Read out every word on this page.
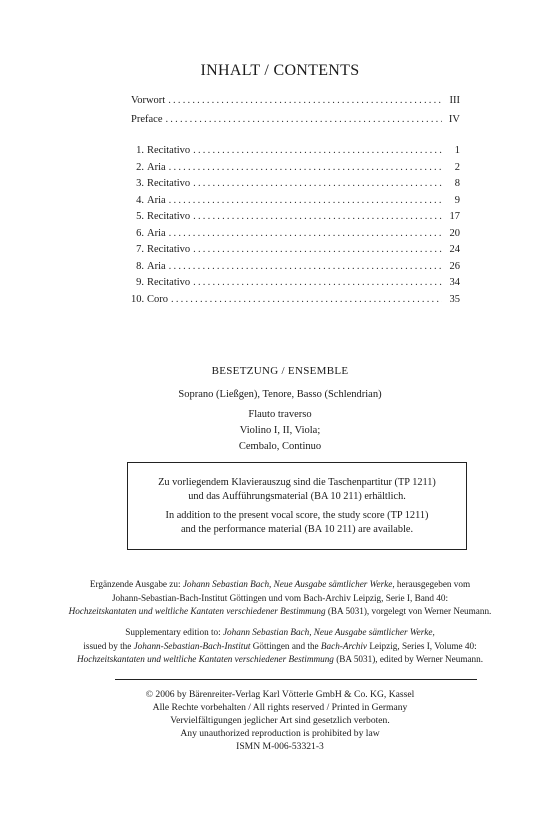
INHALT / CONTENTS
Vorwort .....	III
Preface .....	IV
1. Recitativo .....	1
2. Aria .....	2
3. Recitativo .....	8
4. Aria .....	9
5. Recitativo .....	17
6. Aria .....	20
7. Recitativo .....	24
8. Aria .....	26
9. Recitativo .....	34
10. Coro .....	35
BESETZUNG / ENSEMBLE
Soprano (Ließgen), Tenore, Basso (Schlendrian)
Flauto traverso
Violino I, II, Viola;
Cembalo, Continuo
Zu vorliegendem Klavierauszug sind die Taschenpartitur (TP 1211)
und das Aufführungsmaterial (BA 10 211) erhältlich.
In addition to the present vocal score, the study score (TP 1211)
and the performance material (BA 10 211) are available.
Ergänzende Ausgabe zu: Johann Sebastian Bach, Neue Ausgabe sämtlicher Werke, herausgegeben vom
Johann-Sebastian-Bach-Institut Göttingen und vom Bach-Archiv Leipzig, Serie I, Band 40:
Hochzeitskantaten und weltliche Kantaten verschiedener Bestimmung (BA 5031), vorgelegt von Werner Neumann.
Supplementary edition to: Johann Sebastian Bach, Neue Ausgabe sämtlicher Werke,
issued by the Johann-Sebastian-Bach-Institut Göttingen and the Bach-Archiv Leipzig, Series I, Volume 40:
Hochzeitskantaten und weltliche Kantaten verschiedener Bestimmung (BA 5031), edited by Werner Neumann.
© 2006 by Bärenreiter-Verlag Karl Vötterle GmbH & Co. KG, Kassel
Alle Rechte vorbehalten / All rights reserved / Printed in Germany
Vervielfältigungen jeglicher Art sind gesetzlich verboten.
Any unauthorized reproduction is prohibited by law
ISMN M-006-53321-3
